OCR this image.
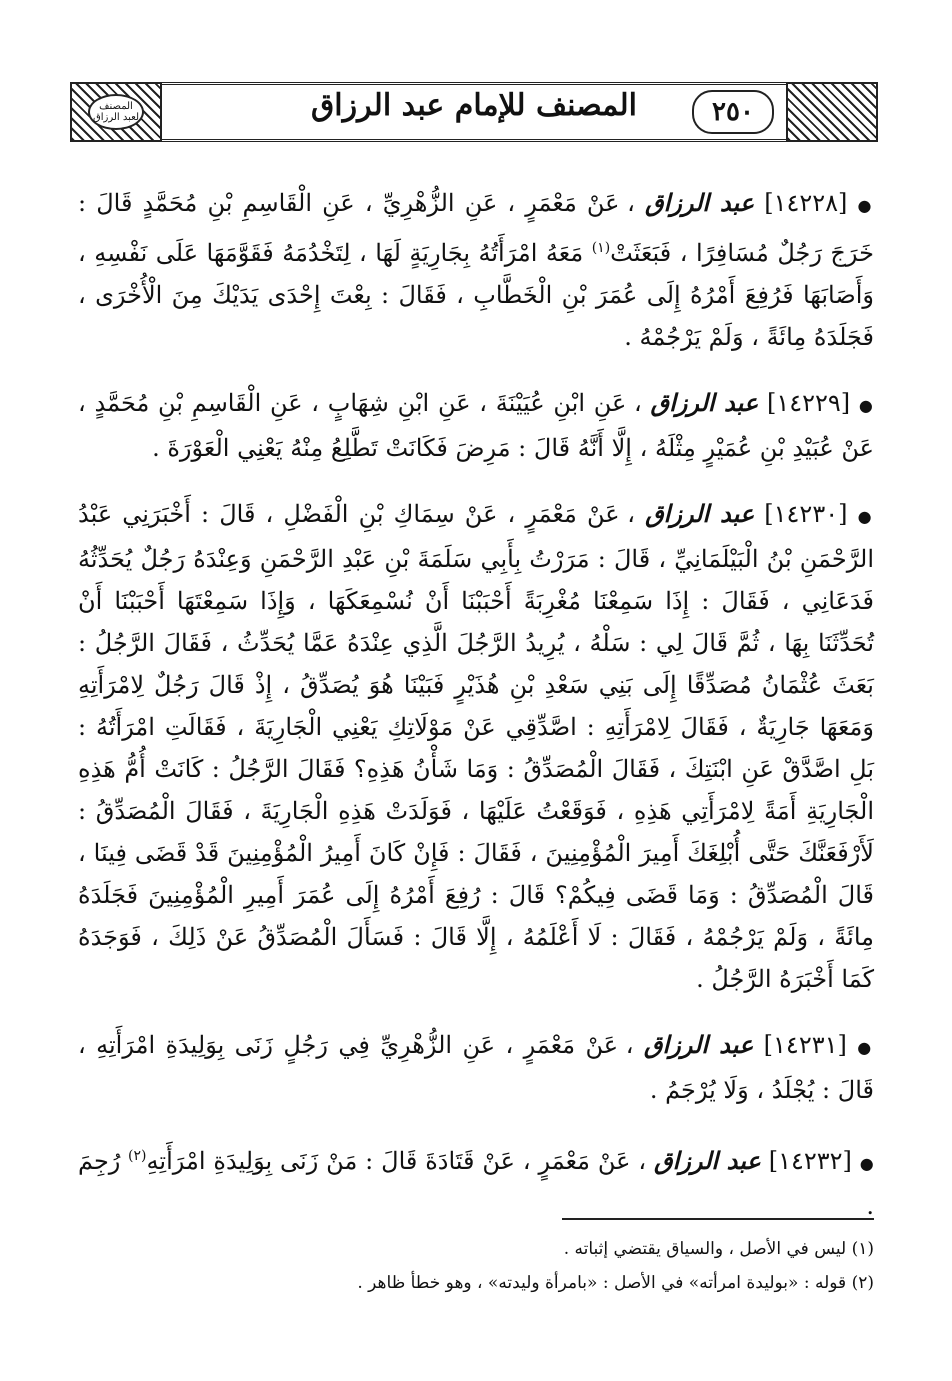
المصنف لعبد الرزاق	المصنف للإمام عبد الرزاق	٢٥٠

● [١٤٢٢٨] عبد الرزاق ، عَنْ مَعْمَرٍ ، عَنِ الزُّهْرِيِّ ، عَنِ الْقَاسِمِ بْنِ مُحَمَّدٍ قَالَ : خَرَجَ رَجُلٌ مُسَافِرًا ، فَبَعَثَتْ$^{(١)}$ مَعَهُ امْرَأَتُهُ بِجَارِيَةٍ لَهَا ، لِتَخْدُمَهُ فَقَوَّمَهَا عَلَى نَفْسِهِ ، وَأَصَابَهَا فَرُفِعَ أَمْرُهُ إِلَى عُمَرَ بْنِ الْخَطَّابِ ، فَقَالَ : بِعْتَ إِحْدَى يَدَيْكَ مِنَ الْأُخْرَى ، فَجَلَدَهُ مِائَةً ، وَلَمْ يَرْجُمْهُ .

● [١٤٢٢٩] عبد الرزاق ، عَنِ ابْنِ عُيَيْنَةَ ، عَنِ ابْنِ شِهَابٍ ، عَنِ الْقَاسِمِ بْنِ مُحَمَّدٍ ، عَنْ عُبَيْدِ بْنِ عُمَيْرٍ مِثْلَهُ ، إِلَّا أَنَّهُ قَالَ : مَرِضَ فَكَانَتْ تَطَّلِعُ مِنْهُ يَعْنِي الْعَوْرَةَ .

● [١٤٢٣٠] عبد الرزاق ، عَنْ مَعْمَرٍ ، عَنْ سِمَاكِ بْنِ الْفَضْلِ ، قَالَ : أَخْبَرَنِي عَبْدُ الرَّحْمَنِ بْنُ الْبَيْلَمَانِيِّ ، قَالَ : مَرَرْتُ بِأَبِي سَلَمَةَ بْنِ عَبْدِ الرَّحْمَنِ وَعِنْدَهُ رَجُلٌ يُحَدِّثُهُ فَدَعَانِي ، فَقَالَ : إِذَا سَمِعْنَا مُغْرِبَةً أَحْبَبْنَا أَنْ نُسْمِعَكَهَا ، وَإِذَا سَمِعْتَهَا أَحْبَبْنَا أَنْ تُحَدِّثَنَا بِهَا ، ثُمَّ قَالَ لِي : سَلْهُ ، يُرِيدُ الرَّجُلَ الَّذِي عِنْدَهُ عَمَّا يُحَدِّثُ ، فَقَالَ الرَّجُلُ : بَعَثَ عُثْمَانُ مُصَدِّقًا إِلَى بَنِي سَعْدِ بْنِ هُذَيْرٍ فَبَيْنَا هُوَ يُصَدِّقُ ، إِذْ قَالَ رَجُلٌ لِامْرَأَتِهِ وَمَعَهَا جَارِيَةٌ ، فَقَالَ لِامْرَأَتِهِ : اصَّدِّقِي عَنْ مَوْلَاتِكِ يَعْنِي الْجَارِيَةَ ، فَقَالَتِ امْرَأَتُهُ : بَلِ اصَّدَّقْ عَنِ ابْنَتِكَ ، فَقَالَ الْمُصَدِّقُ : وَمَا شَأْنُ هَذِهِ؟ فَقَالَ الرَّجُلُ : كَانَتْ أُمُّ هَذِهِ الْجَارِيَةِ أَمَةً لِامْرَأَتِي هَذِهِ ، فَوَقَعْتُ عَلَيْهَا ، فَوَلَدَتْ هَذِهِ الْجَارِيَةَ ، فَقَالَ الْمُصَدِّقُ : لَأَرْفَعَنَّكَ حَتَّى أُبْلِغَكَ أَمِيرَ الْمُؤْمِنِينَ ، فَقَالَ : فَإِنْ كَانَ أَمِيرُ الْمُؤْمِنِينَ قَدْ قَضَى فِينَا ، قَالَ الْمُصَدِّقُ : وَمَا قَضَى فِيكُمْ؟ قَالَ : رُفِعَ أَمْرُهُ إِلَى عُمَرَ أَمِيرِ الْمُؤْمِنِينَ فَجَلَدَهُ مِائَةً ، وَلَمْ يَرْجُمْهُ ، فَقَالَ : لَا أَعْلَمُهُ ، إِلَّا قَالَ : فَسَأَلَ الْمُصَدِّقُ عَنْ ذَلِكَ ، فَوَجَدَهُ كَمَا أَخْبَرَهُ الرَّجُلُ .

● [١٤٢٣١] عبد الرزاق ، عَنْ مَعْمَرٍ ، عَنِ الزُّهْرِيِّ فِي رَجُلٍ زَنَى بِوَلِيدَةِ امْرَأَتِهِ ، قَالَ : يُجْلَدُ ، وَلَا يُرْجَمُ .

● [١٤٢٣٢] عبد الرزاق ، عَنْ مَعْمَرٍ ، عَنْ قَتَادَةَ قَالَ : مَنْ زَنَى بِوَلِيدَةِ امْرَأَتِهِ$^{(٢)}$ رُجِمَ .

(١) ليس في الأصل ، والسياق يقتضي إثباته .
(٢) قوله : «بوليدة امرأته» في الأصل : «بامرأة وليدته» ، وهو خطأ ظاهر .
